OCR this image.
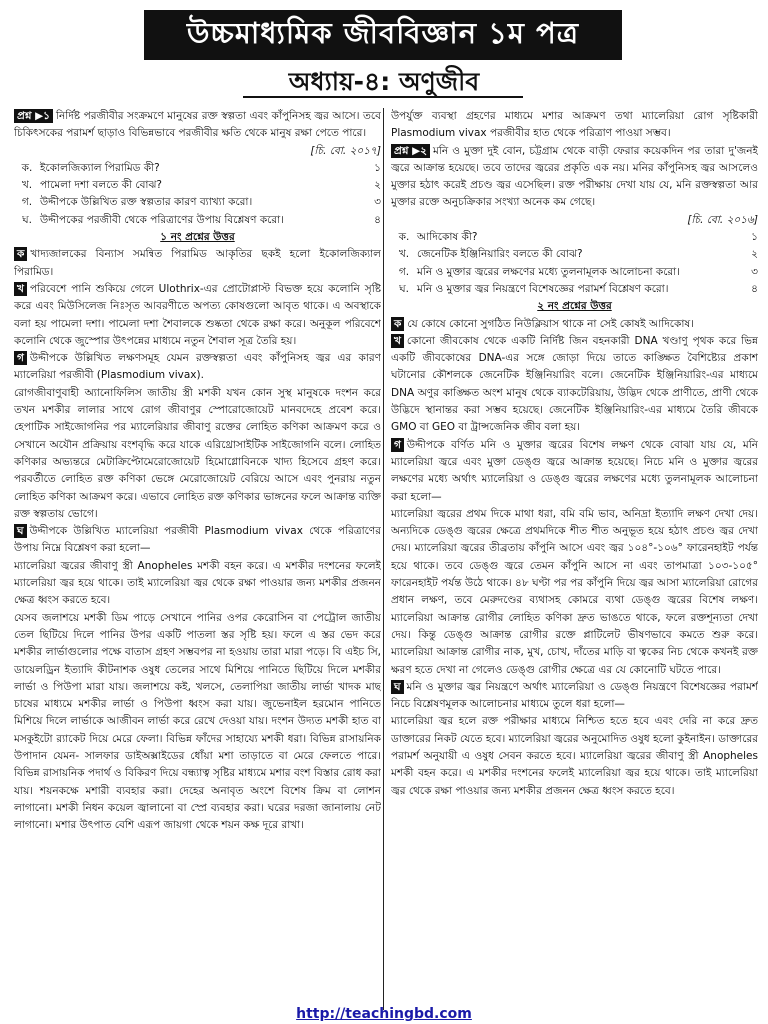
উচ্চমাধ্যমিক জীববিজ্ঞান ১ম পত্র
অধ্যায়-৪: অণুজীব

প্রশ্ন ▶১ নির্দিষ্ট পরজীবীর সংক্রমণে মানুষের রক্ত স্বল্পতা এবং কাঁপুনিসহ জ্বর আসে। তবে চিকিৎসকের পরামর্শ ছাড়াও বিভিন্নভাবে পরজীবীর ক্ষতি থেকে মানুষ রক্ষা পেতে পারে।

[চি. বো. ২০১৭]

ক. ইকোলজিক্যাল পিরামিড কী?	১
খ. পামেলা দশা বলতে কী বোঝ?	২
গ. উদ্দীপকে উল্লিখিত রক্ত স্বল্পতার কারণ ব্যাখ্যা করো।	৩
ঘ. উদ্দীপকের পরজীবী থেকে পরিত্রাণের উপায় বিশ্লেষণ করো।	৪

১ নং প্রশ্নের উত্তর

ক খাদ্যজালকের বিন্যাস সমন্বিত পিরামিড আকৃতির ছকই হলো ইকোলজিক্যাল পিরামিড।

খ পরিবেশে পানি শুকিয়ে গেলে Ulothrix-এর প্রোটোপ্লাস্ট বিভক্ত হয়ে কলোনি সৃষ্টি করে এবং মিউসিলেজ নিঃসৃত আবরণীতে অপত্য কোষগুলো আবৃত থাকে। এ অবস্থাকে বলা হয় পামেলা দশা। পামেলা দশা শৈবালকে শুষ্কতা থেকে রক্ষা করে। অনুকূল পরিবেশে কলোনি থেকে জুস্পোর উৎপন্নের মাধ্যমে নতুন শৈবাল সূত্র তৈরি হয়।

গ উদ্দীপকে উল্লিখিত লক্ষণসমূহ যেমন রক্তস্বল্পতা এবং কাঁপুনিসহ জ্বর এর কারণ ম্যালেরিয়া পরজীবী (Plasmodium vivax).

রোগজীবাণুবাহী অ্যানোফিলিস জাতীয় স্ত্রী মশকী যখন কোন সুস্থ মানুষকে দংশন করে তখন মশকীর লালার সাথে রোগ জীবাণুর স্পোরোজোয়েট মানবদেহে প্রবেশ করে। হেপাটিক সাইজোগনির পর ম্যালেরিয়ার জীবাণু রক্তের লোহিত কণিকা আক্রমণ করে ও সেখানে অযৌন প্রক্রিয়ায় বংশবৃদ্ধি করে যাকে এরিথ্রোসাইটিক সাইজোগনি বলে। লোহিত কণিকার অভ্যন্তরে মেটাক্রিপ্টোমেরোজোয়েট হিমোগ্লোবিনকে খাদ্য হিসেবে গ্রহণ করে। পরবর্তীতে লোহিত রক্ত কণিকা ভেঙ্গে মেরোজোয়েট বেরিয়ে আসে এবং পুনরায় নতুন লোহিত কণিকা আক্রমণ করে। এভাবে লোহিত রক্ত কণিকার ভাঙ্গনের ফলে আক্রান্ত ব্যক্তি রক্ত স্বল্পতায় ভোগে।

ঘ উদ্দীপকে উল্লিখিত ম্যালেরিয়া পরজীবী Plasmodium vivax থেকে পরিত্রাণের উপায় নিম্নে বিশ্লেষণ করা হলো—

ম্যালেরিয়া জ্বরের জীবাণু স্ত্রী Anopheles মশকী বহন করে। এ মশকীর দংশনের ফলেই ম্যালেরিয়া জ্বর হয়ে থাকে। তাই ম্যালেরিয়া জ্বর থেকে রক্ষা পাওয়ার জন্য মশকীর প্রজনন ক্ষেত্র ধ্বংস করতে হবে।

যেসব জলাশয়ে মশকী ডিম পাড়ে সেখানে পানির ওপর কেরোসিন বা পেট্রোল জাতীয় তেল ছিটিয়ে দিলে পানির উপর একটি পাতলা স্তর সৃষ্টি হয়। ফলে এ স্তর ভেদ করে মশকীর লার্ভাগুলোর পক্ষে বাতাস গ্রহণ সম্ভবপর না হওয়ায় তারা মারা পড়ে। বি এইচ সি, ডায়েলড্রিন ইত্যাদি কীটনাশক ওষুধ তেলের সাথে মিশিয়ে পানিতে ছিটিয়ে দিলে মশকীর লার্ভা ও পিউপা মারা যায়। জলাশয়ে কই, খলসে, তেলাপিয়া জাতীয় লার্ভা খাদক মাছ চাষের মাধ্যমে মশকীর লার্ভা ও পিউপা ধ্বংস করা যায়। জুভেনাইল হরমোন পানিতে মিশিয়ে দিলে লার্ভাকে আজীবন লার্ভা করে রেখে দেওয়া যায়। দংশন উদ্যত মশকী হাত বা মসকুইটো র‍্যাকেট দিয়ে মেরে ফেলা। বিভিন্ন ফাঁদের সাহায্যে মশকী ধরা। বিভিন্ন রাসায়নিক উপাদান যেমন- সালফার ডাইঅক্সাইডের ধোঁয়া মশা তাড়াতে বা মেরে ফেলতে পারে। বিভিন্ন রাসায়নিক পদার্থ ও বিকিরণ দিয়ে বন্ধ্যাত্ব সৃষ্টির মাধ্যমে মশার বংশ বিস্তার রোধ করা যায়। শয়নকক্ষে মশারী ব্যবহার করা। দেহের অনাবৃত অংশে বিশেষ ক্রিম বা লোশন লাগানো। মশকী নিধন কয়েল জ্বালানো বা স্প্রে ব্যবহার করা। ঘরের দরজা জানালায় নেট লাগানো। মশার উৎপাত বেশি এরূপ জায়গা থেকে শয়ন কক্ষ দূরে রাখা।

উপর্যুক্ত ব্যবস্থা গ্রহণের মাধ্যমে মশার আক্রমণ তথা ম্যালেরিয়া রোগ সৃষ্টিকারী Plasmodium vivax পরজীবীর হাত থেকে পরিত্রাণ পাওয়া সম্ভব।

প্রশ্ন ▶২ মনি ও মুক্তা দুই বোন, চট্টগ্রাম থেকে বাড়ী ফেরার কয়েকদিন পর তারা দু'জনই জ্বরে আক্রান্ত হয়েছে। তবে তাদের জ্বরের প্রকৃতি এক নয়। মনির কাঁপুনিসহ জ্বর আসলেও মুক্তার হঠাৎ করেই প্রচণ্ড জ্বর এসেছিল। রক্ত পরীক্ষায় দেখা যায় যে, মনি রক্তস্বল্পতা আর মুক্তার রক্তে অনুচক্রিকার সংখ্যা অনেক কম গেছে।

[চি. বো. ২০১৬]

ক. আদিকোষ কী?	১
খ. জেনেটিক ইঞ্জিনিয়ারিং বলতে কী বোঝ?	২
গ. মনি ও মুক্তার জ্বরের লক্ষণের মধ্যে তুলনামূলক আলোচনা করো।	৩
ঘ. মনি ও মুক্তার জ্বর নিয়ন্ত্রণে বিশেষজ্ঞের পরামর্শ বিশ্লেষণ করো।	৪

২ নং প্রশ্নের উত্তর

ক যে কোষে কোনো সুগঠিত নিউক্লিয়াস থাকে না সেই কোষই আদিকোষ।

খ কোনো জীবকোষ থেকে একটি নির্দিষ্ট জিন বহনকারী DNA খণ্ডাণু পৃথক করে ভিন্ন একটি জীবকোষের DNA-এর সঙ্গে জোড়া দিয়ে তাতে কাঙ্ক্ষিত বৈশিষ্ট্যের প্রকাশ ঘটানোর কৌশলকে জেনেটিক ইঞ্জিনিয়ারিং বলে। জেনেটিক ইঞ্জিনিয়ারিং-এর মাধ্যমে DNA অণুর কাঙ্ক্ষিত অংশ মানুষ থেকে ব্যাকটেরিয়ায়, উদ্ভিদ থেকে প্রাণীতে, প্রাণী থেকে উদ্ভিদে স্থানান্তর করা সম্ভব হয়েছে। জেনেটিক ইঞ্জিনিয়ারিং-এর মাধ্যমে তৈরি জীবকে GMO বা GEO বা ট্রান্সজেনিক জীব বলা হয়।

গ উদ্দীপকে বর্ণিত মনি ও মুক্তার জ্বরের বিশেষ লক্ষণ থেকে বোঝা যায় যে, মনি ম্যালেরিয়া জ্বরে এবং মুক্তা ডেঙ্গু জ্বরে আক্রান্ত হয়েছে। নিচে মনি ও মুক্তার জ্বরের লক্ষণের মধ্যে অর্থাৎ ম্যালেরিয়া ও ডেঙ্গু জ্বরের লক্ষণের মধ্যে তুলনামূলক আলোচনা করা হলো—

ম্যালেরিয়া জ্বরের প্রথম দিকে মাথা ধরা, বমি বমি ভাব, অনিদ্রা ইত্যাদি লক্ষণ দেখা দেয়। অন্যদিকে ডেঙ্গু জ্বরের ক্ষেত্রে প্রথমদিকে শীত শীত অনুভূত হয়ে হঠাৎ প্রচণ্ড জ্বর দেখা দেয়। ম্যালেরিয়া জ্বরের তীব্রতায় কাঁপুনি আসে এবং জ্বর ১০৪°-১০৬° ফারেনহাইট পর্যন্ত হয়ে থাকে। তবে ডেঙ্গু জ্বরে তেমন কাঁপুনি আসে না এবং তাপমাত্রা ১০৩-১০৫° ফারেনহাইট পর্যন্ত উঠে থাকে। ৪৮ ঘণ্টা পর পর কাঁপুনি দিয়ে জ্বর আসা ম্যালেরিয়া রোগের প্রধান লক্ষণ, তবে মেরুদণ্ডের ব্যথাসহ কোমরে ব্যথা ডেঙ্গু জ্বরের বিশেষ লক্ষণ। ম্যালেরিয়া আক্রান্ত রোগীর লোহিত কণিকা দ্রুত ভাঙতে থাকে, ফলে রক্তশূন্যতা দেখা দেয়। কিন্তু ডেঙ্গু আক্রান্ত রোগীর রক্তে প্লাটিলেট ভীষণভাবে কমতে শুরু করে। ম্যালেরিয়া আক্রান্ত রোগীর নাক, মুখ, চোখ, দাঁতের মাড়ি বা ত্বকের নিচ থেকে কখনই রক্ত ক্ষরণ হতে দেখা না গেলেও ডেঙ্গু রোগীর ক্ষেত্রে এর যে কোনোটি ঘটতে পারে।

ঘ মনি ও মুক্তার জ্বর নিয়ন্ত্রণে অর্থাৎ ম্যালেরিয়া ও ডেঙ্গু নিয়ন্ত্রণে বিশেষজ্ঞের পরামর্শ নিচে বিশ্লেষণমূলক আলোচনার মাধ্যমে তুলে ধরা হলো—

ম্যালেরিয়া জ্বর হলে রক্ত পরীক্ষার মাধ্যমে নিশ্চিত হতে হবে এবং দেরি না করে দ্রুত ডাক্তারের নিকট যেতে হবে। ম্যালেরিয়া জ্বরের অনুমোদিত ওষুধ হলো কুইনাইন। ডাক্তারের পরামর্শ অনুযায়ী এ ওষুধ সেবন করতে হবে। ম্যালেরিয়া জ্বরের জীবাণু স্ত্রী Anopheles মশকী বহন করে। এ মশকীর দংশনের ফলেই ম্যালেরিয়া জ্বর হয়ে থাকে। তাই ম্যালেরিয়া জ্বর থেকে রক্ষা পাওয়ার জন্য মশকীর প্রজনন ক্ষেত্র ধ্বংস করতে হবে।

http://teachingbd.com
